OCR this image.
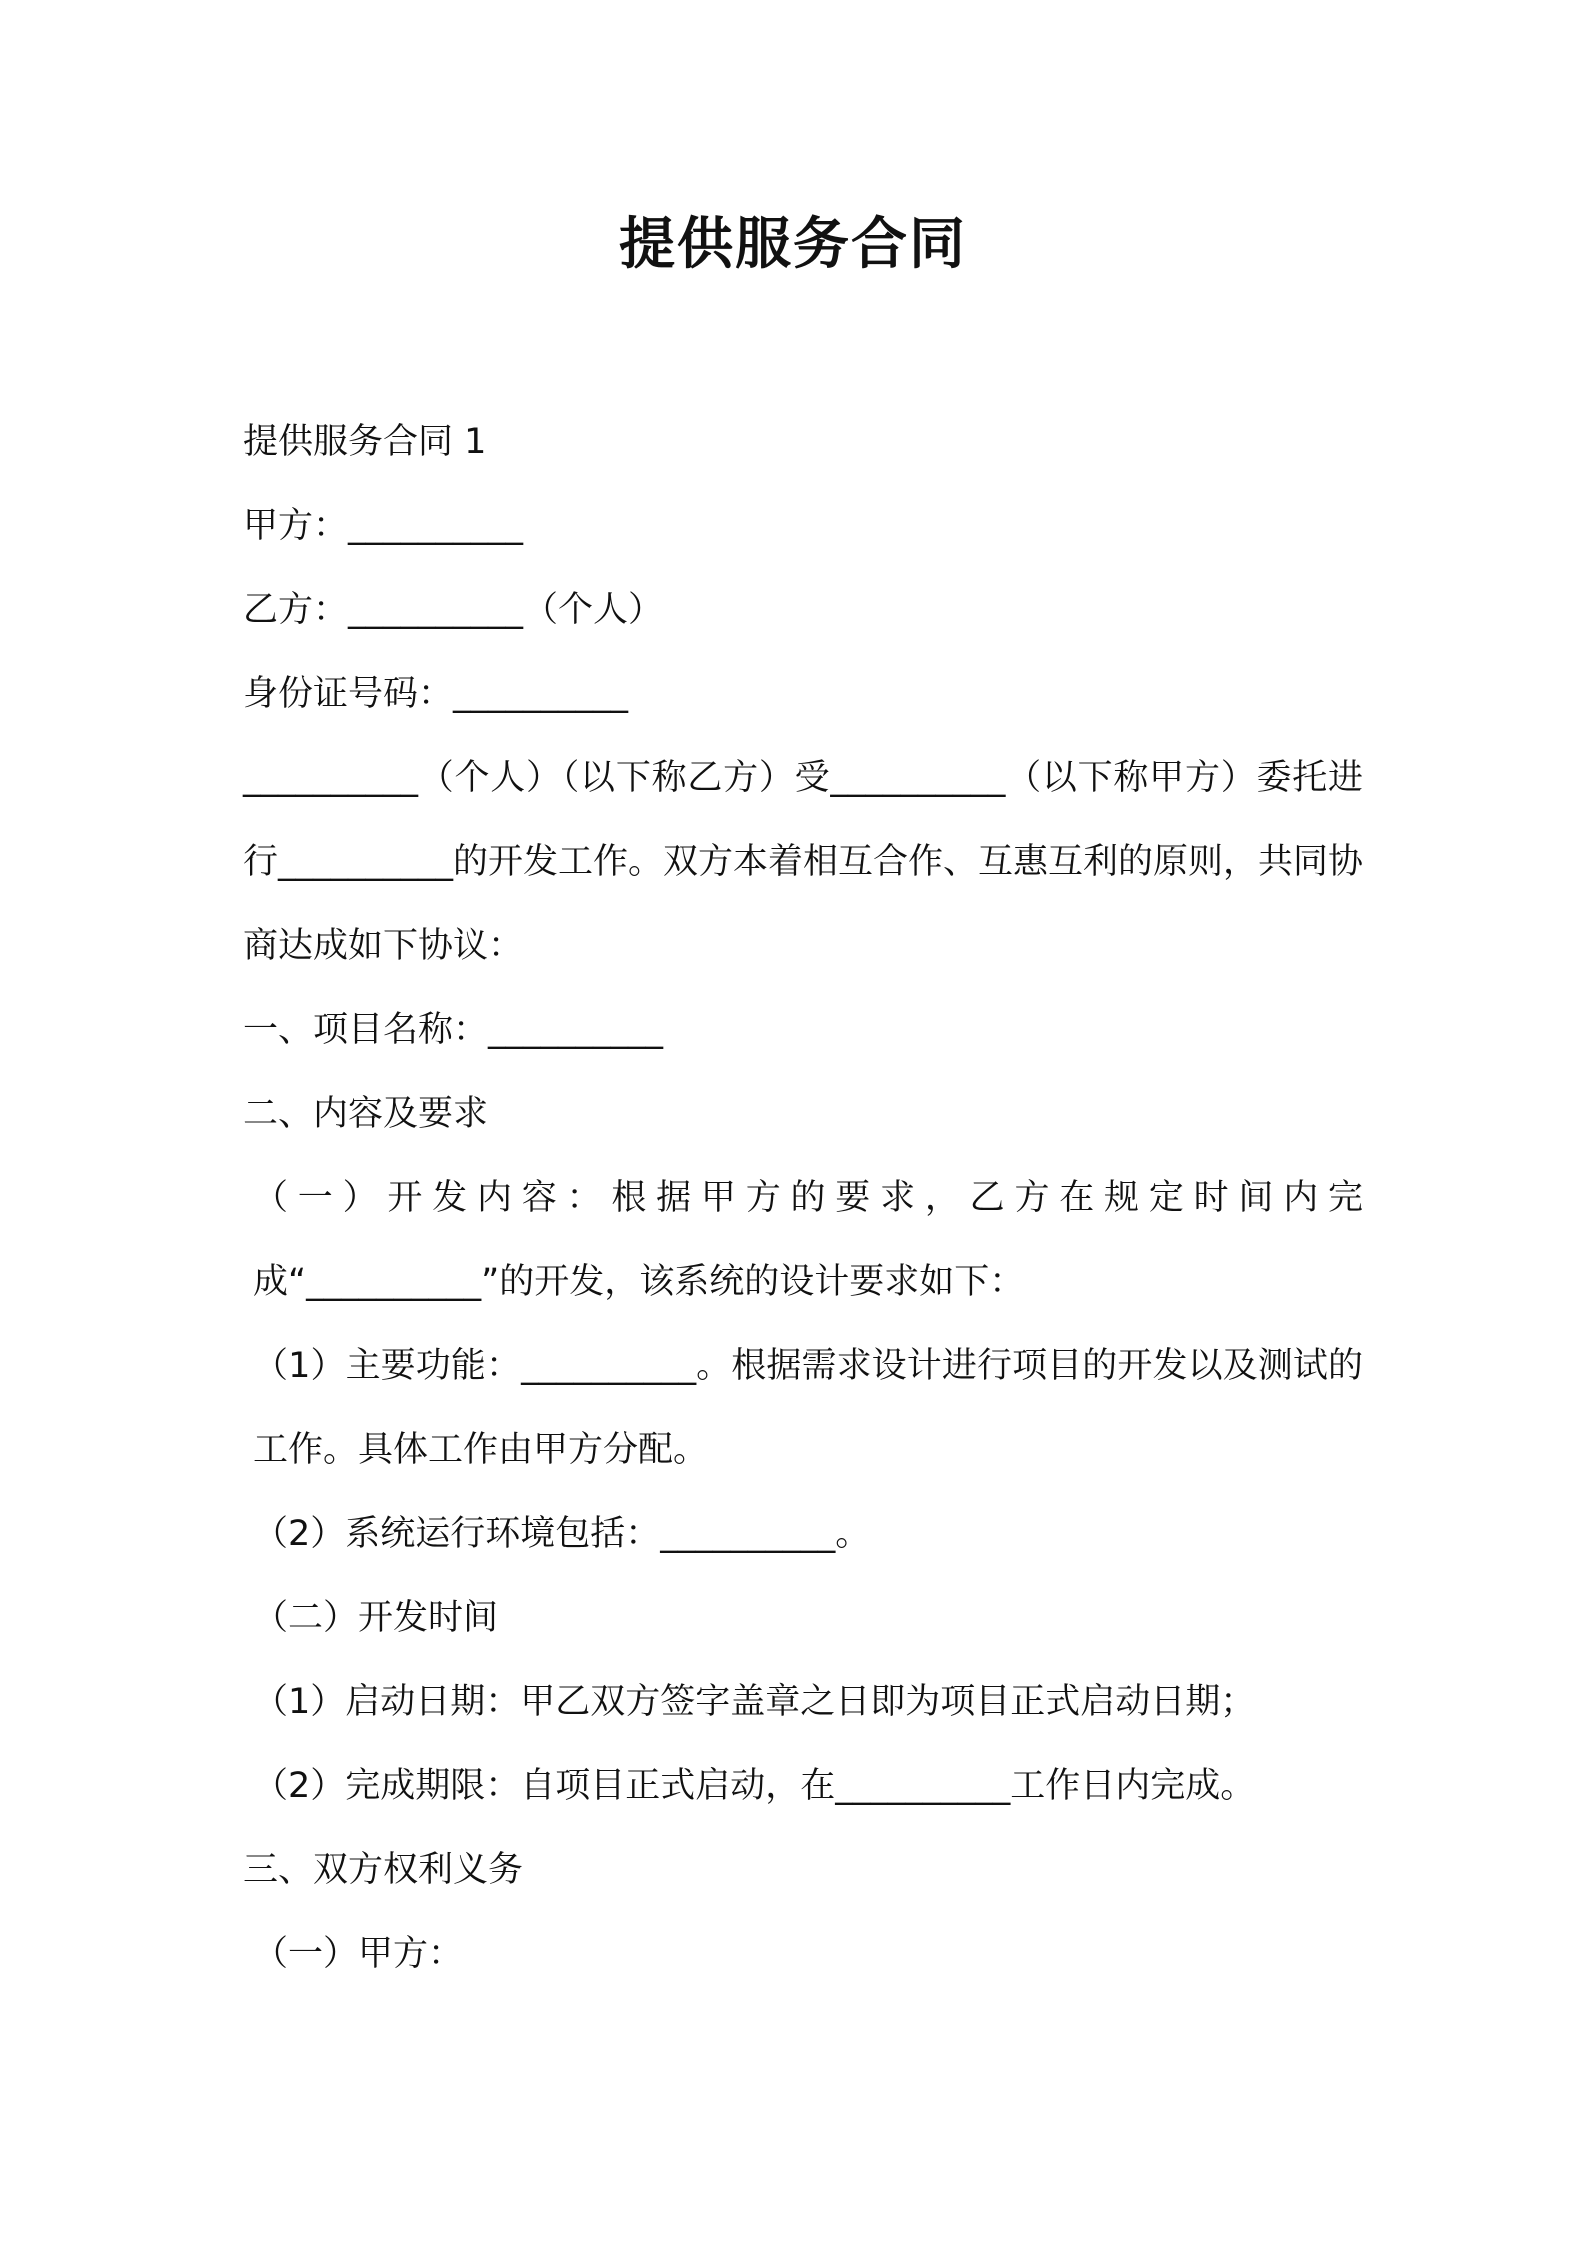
提供服务合同

提供服务合同 1

甲方：__________

乙方：__________（个人）

身份证号码：__________

__________（个人）（以下称乙方）受__________（以下称甲方）委托进行__________的开发工作。双方本着相互合作、互惠互利的原则，共同协商达成如下协议：

一、项目名称：__________

二、内容及要求

（一）开发内容：根据甲方的要求，乙方在规定时间内完成“__________”的开发，该系统的设计要求如下：

（1）主要功能：__________。根据需求设计进行项目的开发以及测试的工作。具体工作由甲方分配。

（2）系统运行环境包括：__________。

（二）开发时间

（1）启动日期：甲乙双方签字盖章之日即为项目正式启动日期；

（2）完成期限：自项目正式启动，在__________工作日内完成。

三、双方权利义务

（一）甲方：
